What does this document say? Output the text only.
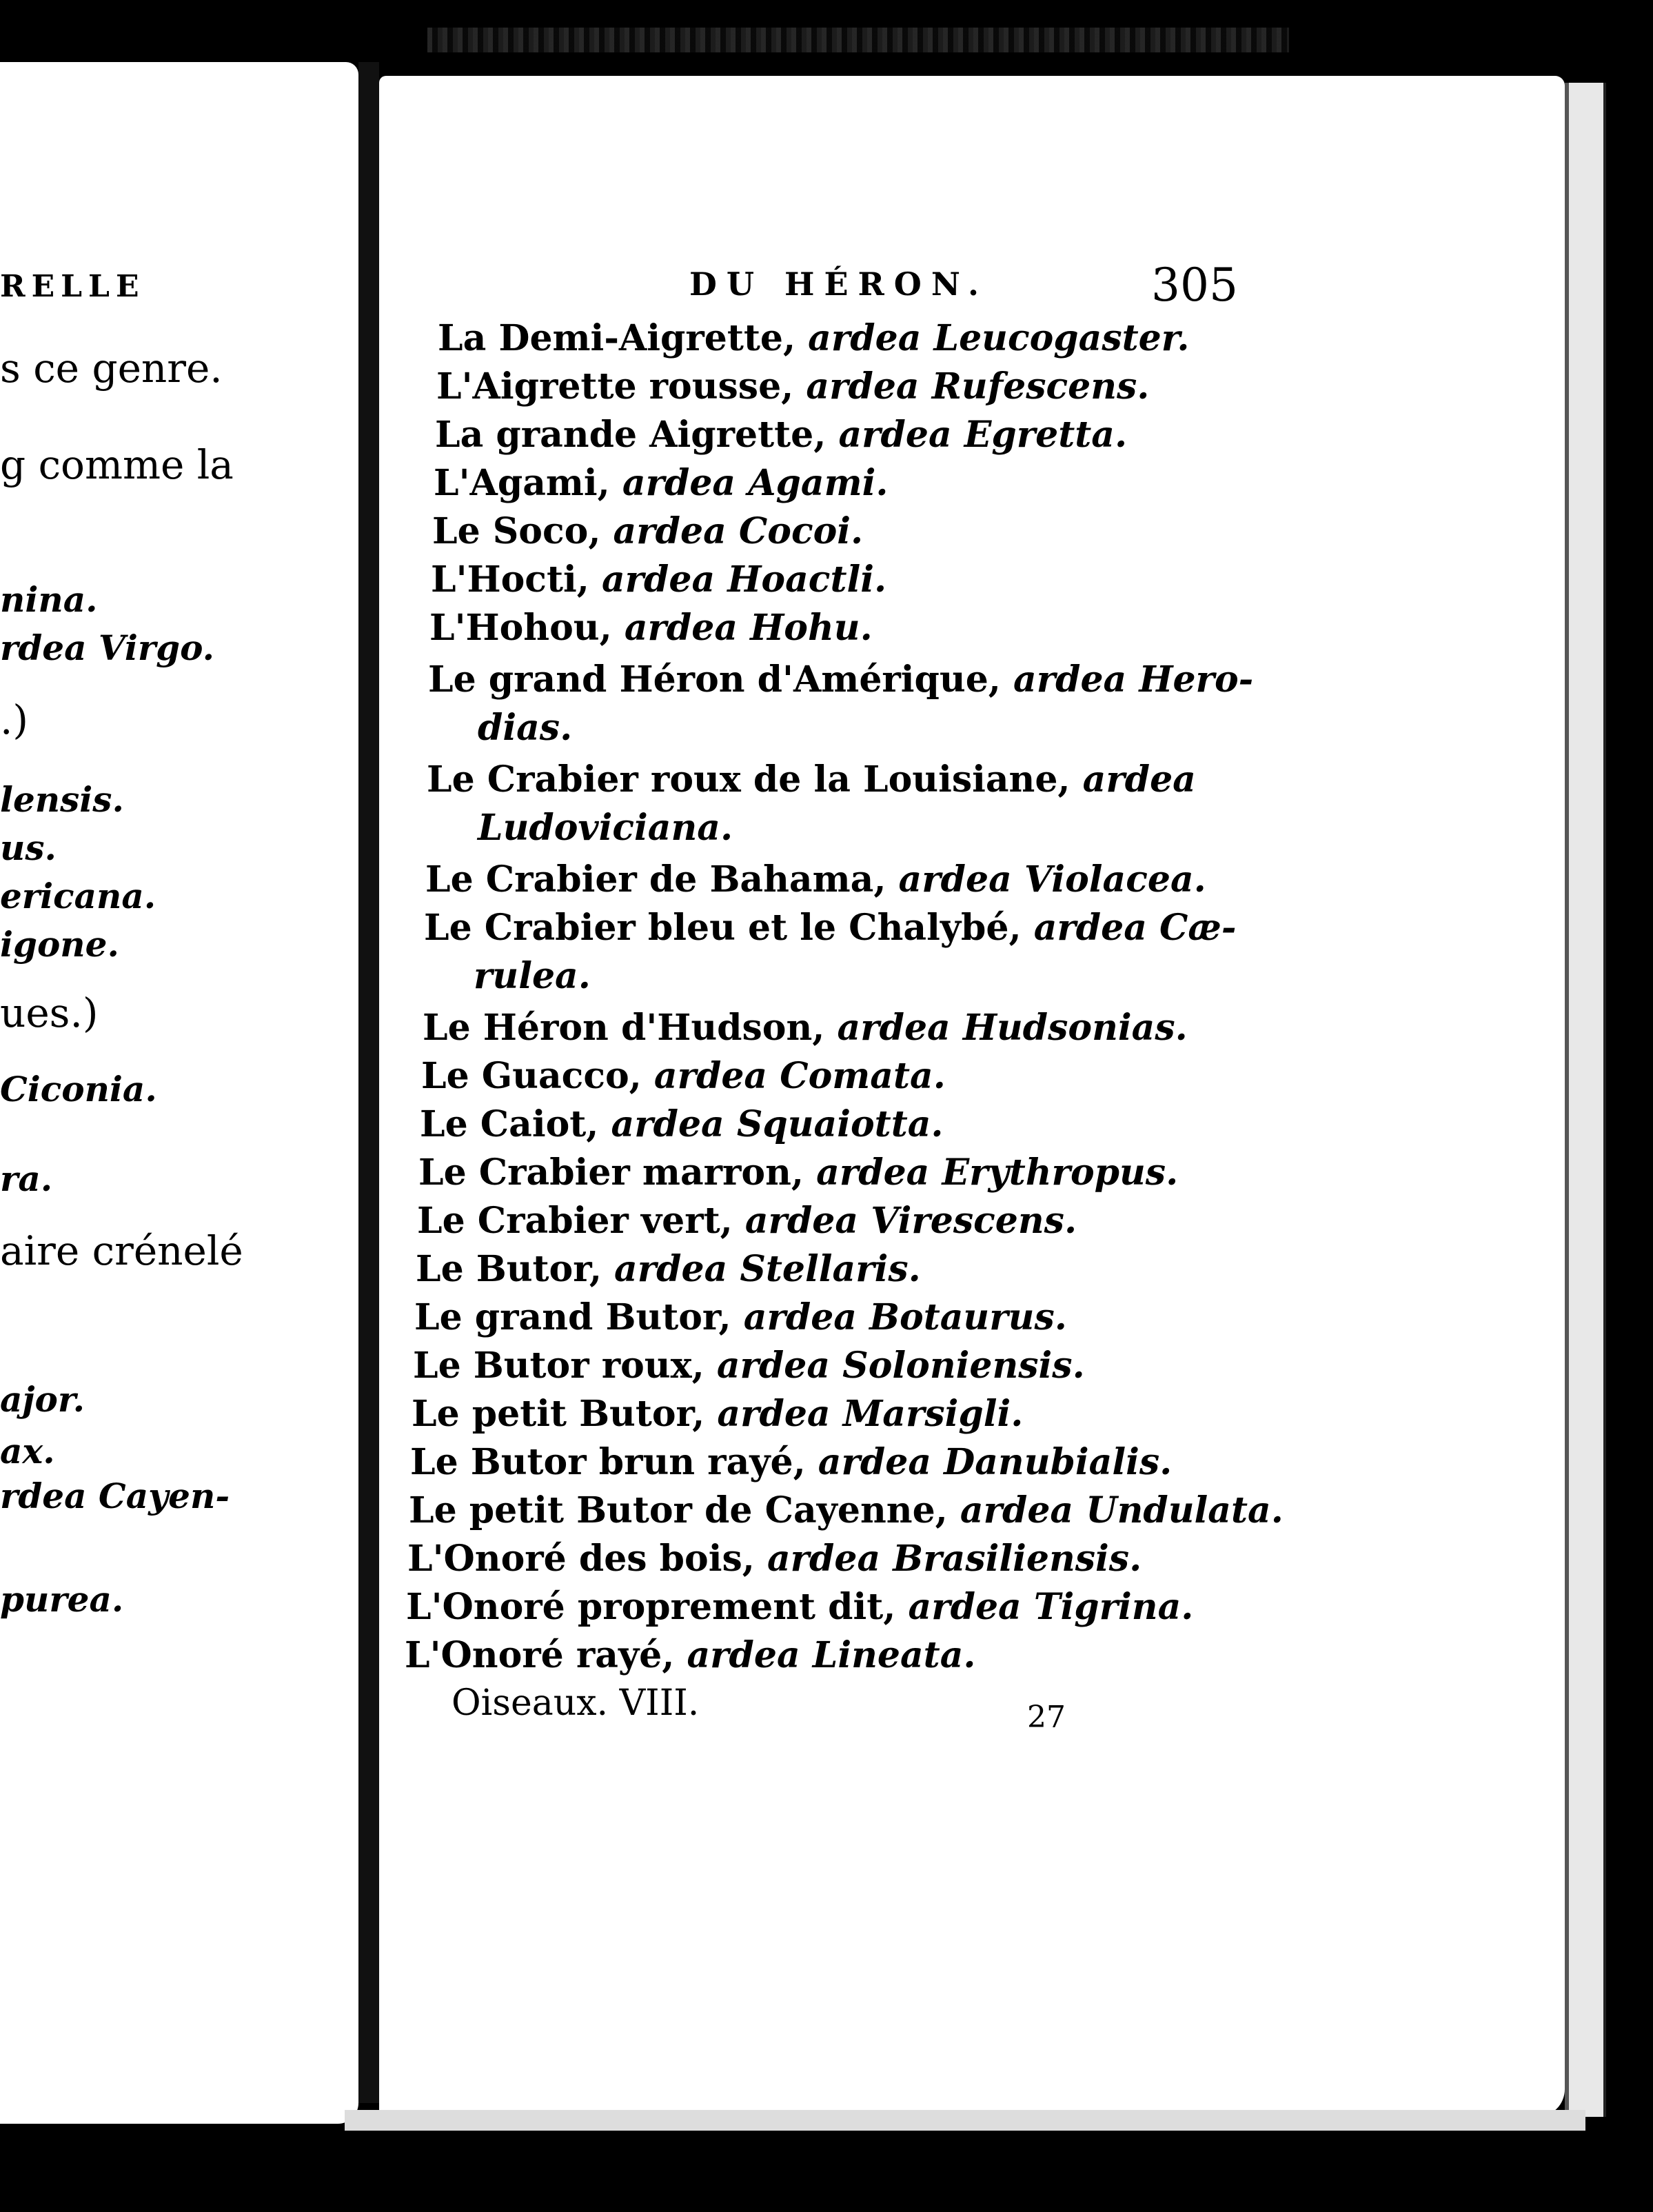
RELLE
s ce genre.
g comme la
nina.
rdea Virgo.
.)
lensis.
us.
ericana.
igone.
ues.)
Ciconia.
ra.
aire crénelé
ajor.
ax.
rdea Cayen-
purea.
DU HÉRON.	305
La Demi-Aigrette, ardea Leucogaster.
L'Aigrette rousse, ardea Rufescens.
La grande Aigrette, ardea Egretta.
L'Agami, ardea Agami.
Le Soco, ardea Cocoi.
L'Hocti, ardea Hoactli.
L'Hohou, ardea Hohu.
Le grand Héron d'Amérique, ardea Hero-
dias.
Le Crabier roux de la Louisiane, ardea
Ludoviciana.
Le Crabier de Bahama, ardea Violacea.
Le Crabier bleu et le Chalybé, ardea Cæ-
rulea.
Le Héron d'Hudson, ardea Hudsonias.
Le Guacco, ardea Comata.
Le Caiot, ardea Squaiotta.
Le Crabier marron, ardea Erythropus.
Le Crabier vert, ardea Virescens.
Le Butor, ardea Stellaris.
Le grand Butor, ardea Botaurus.
Le Butor roux, ardea Soloniensis.
Le petit Butor, ardea Marsigli.
Le Butor brun rayé, ardea Danubialis.
Le petit Butor de Cayenne, ardea Undulata.
L'Onoré des bois, ardea Brasiliensis.
L'Onoré proprement dit, ardea Tigrina.
L'Onoré rayé, ardea Lineata.
Oiseaux. VIII.	27
